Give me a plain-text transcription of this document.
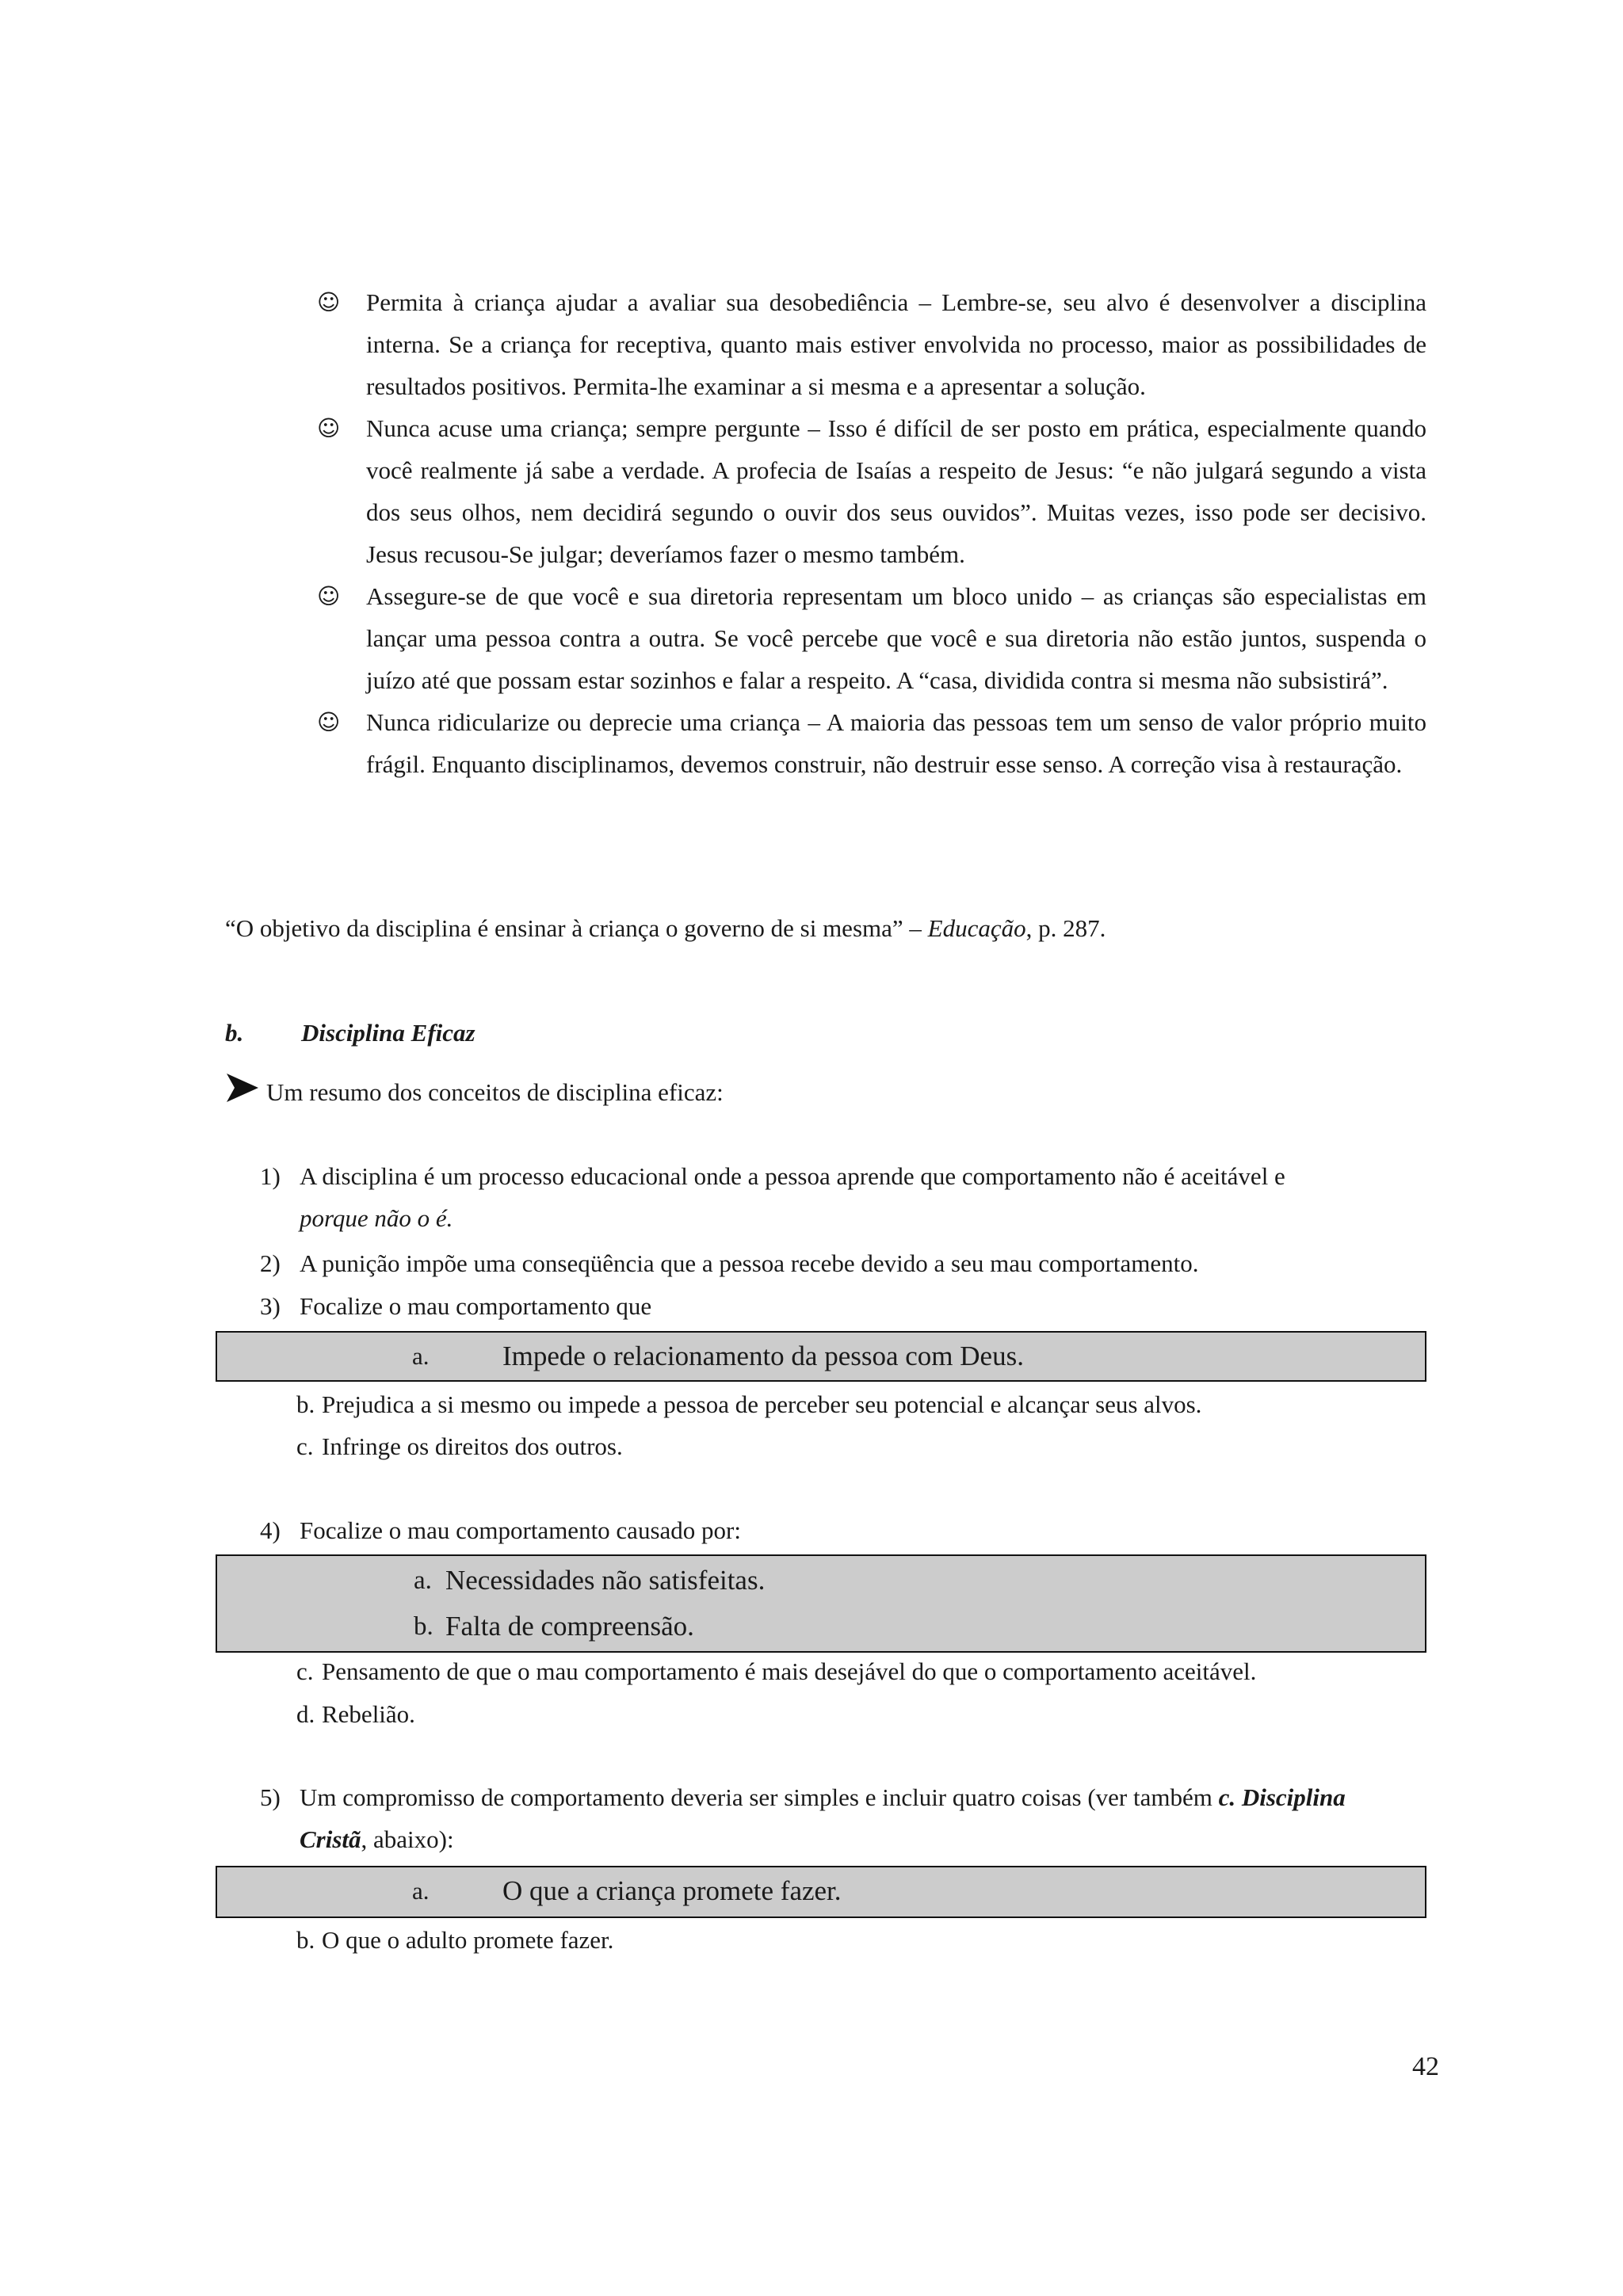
☺ Permita à criança ajudar a avaliar sua desobediência – Lembre-se, seu alvo é desenvolver a disciplina interna. Se a criança for receptiva, quanto mais estiver envolvida no processo, maior as possibilidades de resultados positivos. Permita-lhe examinar a si mesma e a apresentar a solução.
☺ Nunca acuse uma criança; sempre pergunte – Isso é difícil de ser posto em prática, especialmente quando você realmente já sabe a verdade. A profecia de Isaías a respeito de Jesus: “e não julgará segundo a vista dos seus olhos, nem decidirá segundo o ouvir dos seus ouvidos”. Muitas vezes, isso pode ser decisivo. Jesus recusou-Se julgar; deveríamos fazer o mesmo também.
☺ Assegure-se de que você e sua diretoria representam um bloco unido – as crianças são especialistas em lançar uma pessoa contra a outra. Se você percebe que você e sua diretoria não estão juntos, suspenda o juízo até que possam estar sozinhos e falar a respeito. A “casa, dividida contra si mesma não subsistirá”.
☺ Nunca ridicularize ou deprecie uma criança – A maioria das pessoas tem um senso de valor próprio muito frágil. Enquanto disciplinamos, devemos construir, não destruir esse senso. A correção visa à restauração.
“O objetivo da disciplina é ensinar à criança o governo de si mesma” – Educação, p. 287.
b. Disciplina Eficaz
Um resumo dos conceitos de disciplina eficaz:
1) A disciplina é um processo educacional onde a pessoa aprende que comportamento não é aceitável e
porque não o é.
2) A punição impõe uma conseqüência que a pessoa recebe devido a seu mau comportamento.
3) Focalize o mau comportamento que
a.	Impede o relacionamento da pessoa com Deus.
b. Prejudica a si mesmo ou impede a pessoa de perceber seu potencial e alcançar seus alvos.
c. Infringe os direitos dos outros.
4) Focalize o mau comportamento causado por:
a. Necessidades não satisfeitas.
b. Falta de compreensão.
c. Pensamento de que o mau comportamento é mais desejável do que o comportamento aceitável.
d. Rebelião.
5) Um compromisso de comportamento deveria ser simples e incluir quatro coisas (ver também c. Disciplina Cristã, abaixo):
a.	O que a criança promete fazer.
b. O que o adulto promete fazer.
42
